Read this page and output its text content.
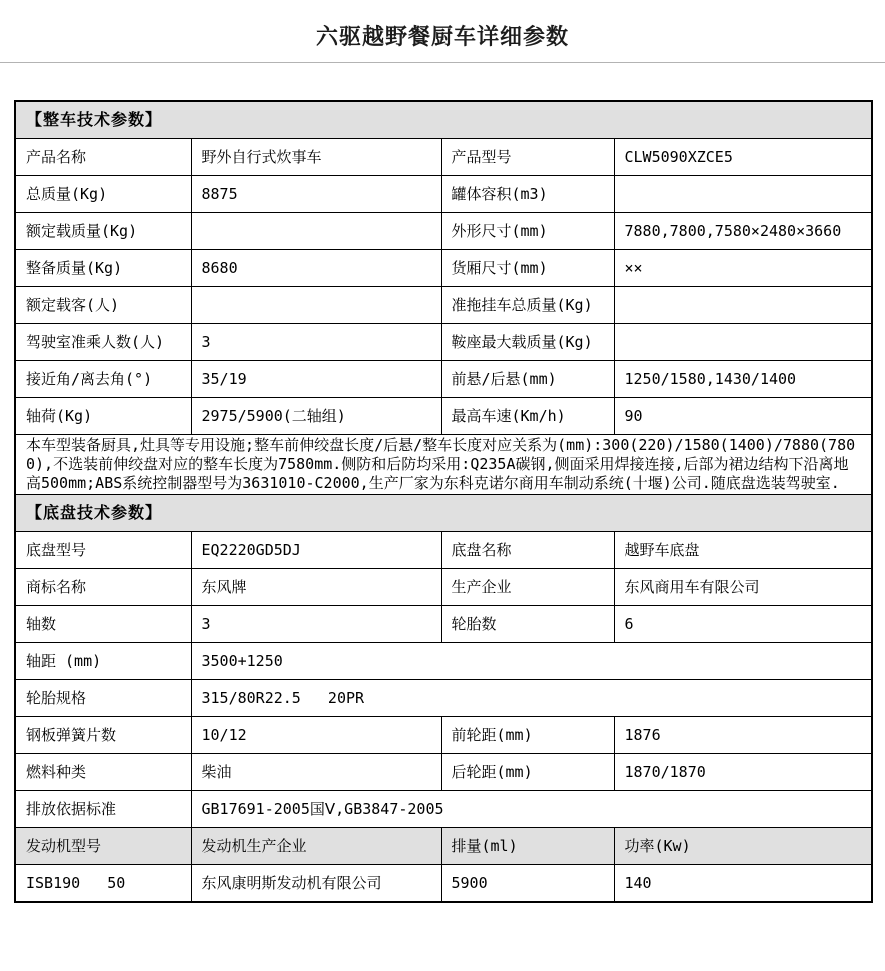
六驱越野餐厨车详细参数
【整车技术参数】			
产品名称	野外自行式炊事车	产品型号	CLW5090XZCE5
总质量(Kg)	8875	罐体容积(m3)	
额定载质量(Kg)		外形尺寸(mm)	7880,7800,7580×2480×3660
整备质量(Kg)	8680	货厢尺寸(mm)	××
额定载客(人)		准拖挂车总质量(Kg)	
驾驶室准乘人数(人)	3	鞍座最大载质量(Kg)	
接近角/离去角(°)	35/19	前悬/后悬(mm)	1250/1580,1430/1400
轴荷(Kg)	2975/5900(二轴组)	最高车速(Km/h)	90
本车型装备厨具,灶具等专用设施;整车前伸绞盘长度/后悬/整车长度对应关系为(mm):300(220)/1580(1400)/7880(7800),不选装前伸绞盘对应的整车长度为7580mm.侧防和后防均采用:Q235A碳钢,侧面采用焊接连接,后部为裙边结构下沿离地高500mm;ABS系统控制器型号为3631010-C2000,生产厂家为东科克诺尔商用车制动系统(十堰)公司.随底盘选装驾驶室.			
【底盘技术参数】			
底盘型号	EQ2220GD5DJ	底盘名称	越野车底盘
商标名称	东风牌	生产企业	东风商用车有限公司
轴数	3	轮胎数	6
轴距 (mm)	3500+1250		
轮胎规格	315/80R22.5   20PR		
钢板弹簧片数	10/12	前轮距(mm)	1876
燃料种类	柴油	后轮距(mm)	1870/1870
排放依据标准	GB17691-2005国Ⅴ,GB3847-2005		
发动机型号	发动机生产企业	排量(ml)	功率(Kw)
ISB190   50	东风康明斯发动机有限公司	5900	140
